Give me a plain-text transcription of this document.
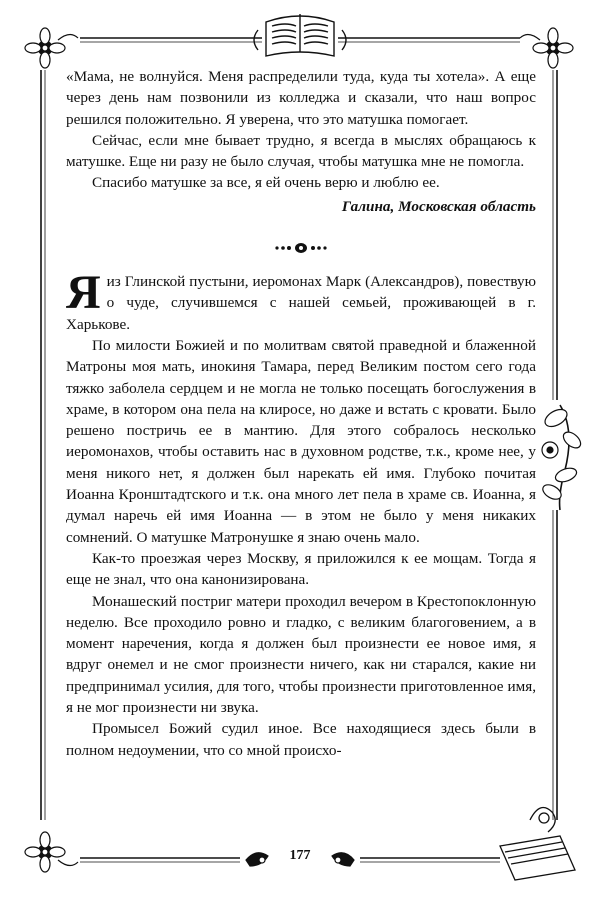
«Мама, не волнуйся. Меня распределили туда, куда ты хотела». А еще через день нам позвонили из колледжа и сказали, что наш вопрос решился положительно. Я уверена, что это матушка помогает.

Сейчас, если мне бывает трудно, я всегда в мыслях обращаюсь к матушке. Еще ни разу не было случая, чтобы матушка мне не помогла.

Спасибо матушке за все, я ей очень верю и люблю ее.

Галина, Московская область

Яиз Глинской пустыни, иеромонах Марк (Александров), повествую о чуде, случившемся с нашей семьей, проживающей в г. Харькове.

По милости Божией и по молитвам святой праведной и блаженной Матроны моя мать, инокиня Тамара, перед Великим постом сего года тяжко заболела сердцем и не могла не только посещать богослужения в храме, в котором она пела на клиросе, но даже и встать с кровати. Было решено постричь ее в мантию. Для этого собралось несколько иеромонахов, чтобы оставить нас в духовном родстве, т.к., кроме нее, у меня никого нет, я должен был нарекать ей имя. Глубоко почитая Иоанна Кронштадтского и т.к. она много лет пела в храме св. Иоанна, я думал наречь ей имя Иоанна — в этом не было у меня никаких сомнений. О матушке Матронушке я знаю очень мало.

Как-то проезжая через Москву, я приложился к ее мощам. Тогда я еще не знал, что она канонизирована.

Монашеский постриг матери проходил вечером в Крестопоклонную неделю. Все проходило ровно и гладко, с великим благоговением, а в момент наречения, когда я должен был произнести ее новое имя, я вдруг онемел и не смог произнести ничего, как ни старался, какие ни предпринимал усилия, для того, чтобы произнести приготовленное имя, я не мог произнести ни звука.

Промысел Божий судил иное. Все находящиеся здесь были в полном недоумении, что со мной происхо-

177
